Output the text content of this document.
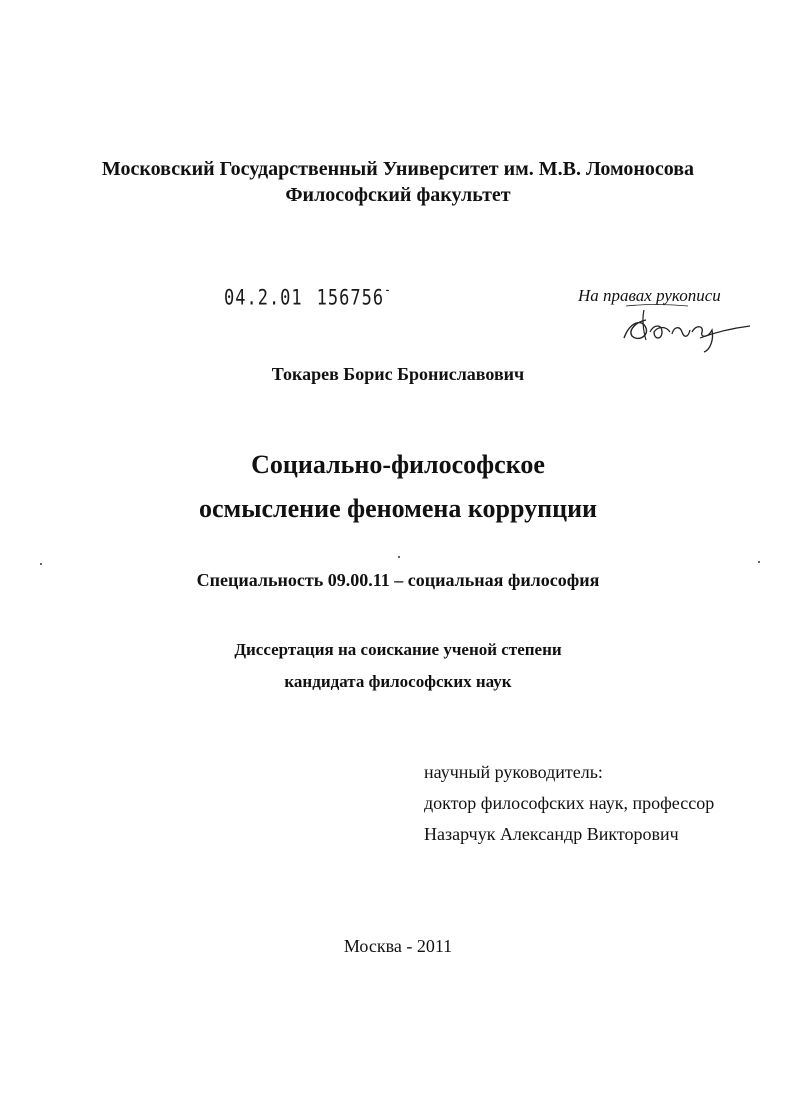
Московский Государственный Университет им. М.В. Ломоносова
Философский факультет
04.2.01 156756-	На правах рукописи
Токарев Борис Брониславович
Социально-философское
осмысление феномена коррупции
Специальность 09.00.11 – социальная философия
Диссертация на соискание ученой степени
кандидата философских наук
научный руководитель:
доктор философских наук, профессор
Назарчук Александр Викторович
Москва - 2011
